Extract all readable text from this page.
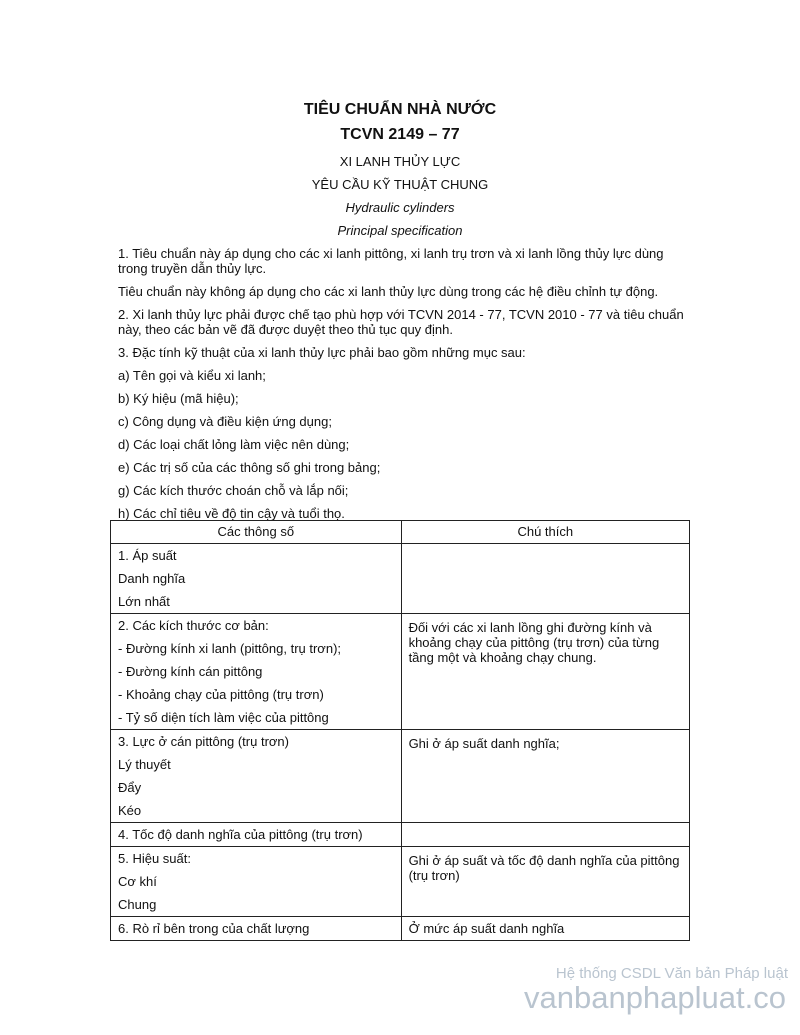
TIÊU CHUẨN NHÀ NƯỚC
TCVN 2149 – 77
XI LANH THỦY LỰC
YÊU CẦU KỸ THUẬT CHUNG
Hydraulic cylinders
Principal specification
1. Tiêu chuẩn này áp dụng cho các xi lanh pittông, xi lanh trụ trơn và xi lanh lồng thủy lực dùng trong truyền dẫn thủy lực.
Tiêu chuẩn này không áp dụng cho các xi lanh thủy lực dùng trong các hệ điều chỉnh tự động.
2. Xi lanh thủy lực phải được chế tạo phù hợp với TCVN 2014 - 77, TCVN 2010 - 77 và tiêu chuẩn này, theo các bản vẽ đã được duyệt theo thủ tục quy định.
3. Đặc tính kỹ thuật của xi lanh thủy lực phải bao gồm những mục sau:
a) Tên gọi và kiểu xi lanh;
b) Ký hiệu (mã hiệu);
c) Công dụng và điều kiện ứng dụng;
d) Các loại chất lỏng làm việc nên dùng;
e) Các trị số của các thông số ghi trong bảng;
g) Các kích thước choán chỗ và lắp nối;
h) Các chỉ tiêu về độ tin cậy và tuổi thọ.
Các thông số	Chú thích

1. Áp suất
Danh nghĩa
Lớn nhất	

2. Các kích thước cơ bản:
- Đường kính xi lanh (pittông, trụ trơn);
- Đường kính cán pittông
- Khoảng chạy của pittông (trụ trơn)
- Tỷ số diện tích làm việc của pittông	Đối với các xi lanh lồng ghi đường kính và khoảng chạy của pittông (trụ trơn) của từng tầng một và khoảng chạy chung.

3. Lực ở cán pittông (trụ trơn)
Lý thuyết
Đẩy
Kéo	Ghi ở áp suất danh nghĩa;

4. Tốc độ danh nghĩa của pittông (trụ trơn)	

5. Hiệu suất:
Cơ khí
Chung	Ghi ở áp suất và tốc độ danh nghĩa của pittông (trụ trơn)

6. Rò rỉ bên trong của chất lượng	Ở mức áp suất danh nghĩa
Hệ thống CSDL Văn bản Pháp luật
vanbanphapluat.co
